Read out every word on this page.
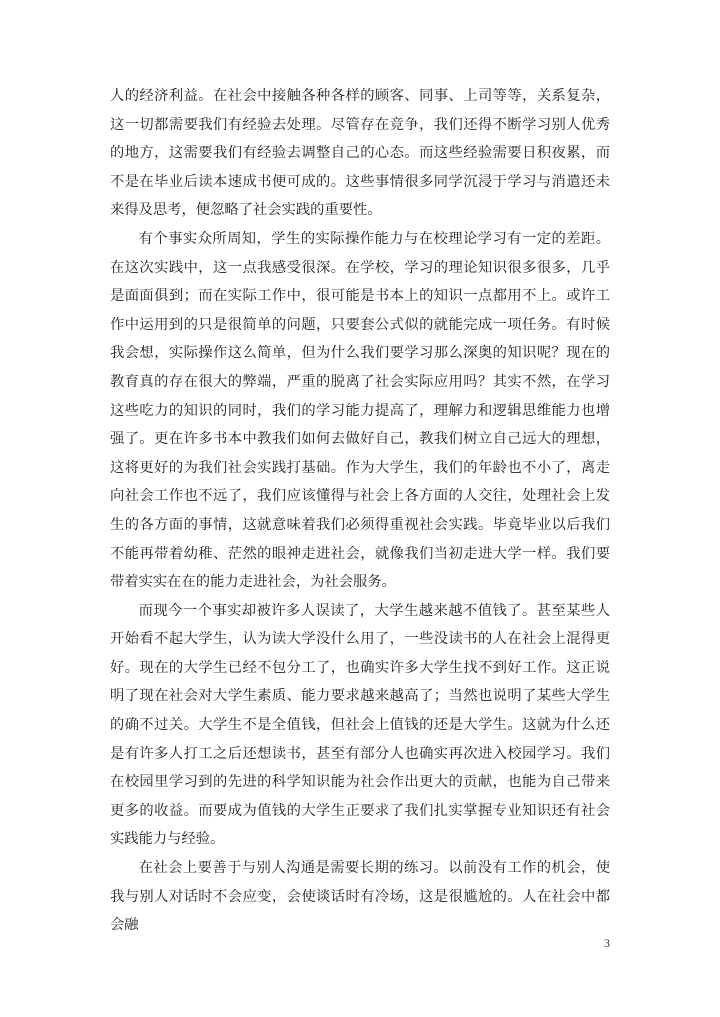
人的经济利益。在社会中接触各种各样的顾客、同事、上司等等，关系复杂，这一切都需要我们有经验去处理。尽管存在竞争，我们还得不断学习别人优秀的地方，这需要我们有经验去调整自己的心态。而这些经验需要日积夜累，而不是在毕业后读本速成书便可成的。这些事情很多同学沉浸于学习与消遣还未来得及思考，便忽略了社会实践的重要性。

有个事实众所周知，学生的实际操作能力与在校理论学习有一定的差距。在这次实践中，这一点我感受很深。在学校，学习的理论知识很多很多，几乎是面面俱到；而在实际工作中，很可能是书本上的知识一点都用不上。或许工作中运用到的只是很简单的问题，只要套公式似的就能完成一项任务。有时候我会想，实际操作这么简单，但为什么我们要学习那么深奥的知识呢？现在的教育真的存在很大的弊端，严重的脱离了社会实际应用吗？其实不然，在学习这些吃力的知识的同时，我们的学习能力提高了，理解力和逻辑思维能力也增强了。更在许多书本中教我们如何去做好自己，教我们树立自己远大的理想，这将更好的为我们社会实践打基础。作为大学生，我们的年龄也不小了，离走向社会工作也不远了，我们应该懂得与社会上各方面的人交往，处理社会上发生的各方面的事情，这就意味着我们必须得重视社会实践。毕竟毕业以后我们不能再带着幼稚、茫然的眼神走进社会，就像我们当初走进大学一样。我们要带着实实在在的能力走进社会，为社会服务。

而现今一个事实却被许多人误读了，大学生越来越不值钱了。甚至某些人开始看不起大学生，认为读大学没什么用了，一些没读书的人在社会上混得更好。现在的大学生已经不包分工了，也确实许多大学生找不到好工作。这正说明了现在社会对大学生素质、能力要求越来越高了；当然也说明了某些大学生的确不过关。大学生不是全值钱，但社会上值钱的还是大学生。这就为什么还是有许多人打工之后还想读书，甚至有部分人也确实再次进入校园学习。我们在校园里学习到的先进的科学知识能为社会作出更大的贡献，也能为自己带来更多的收益。而要成为值钱的大学生正要求了我们扎实掌握专业知识还有社会实践能力与经验。

在社会上要善于与别人沟通是需要长期的练习。以前没有工作的机会，使我与别人对话时不会应变，会使谈话时有冷场，这是很尴尬的。人在社会中都会融

3
